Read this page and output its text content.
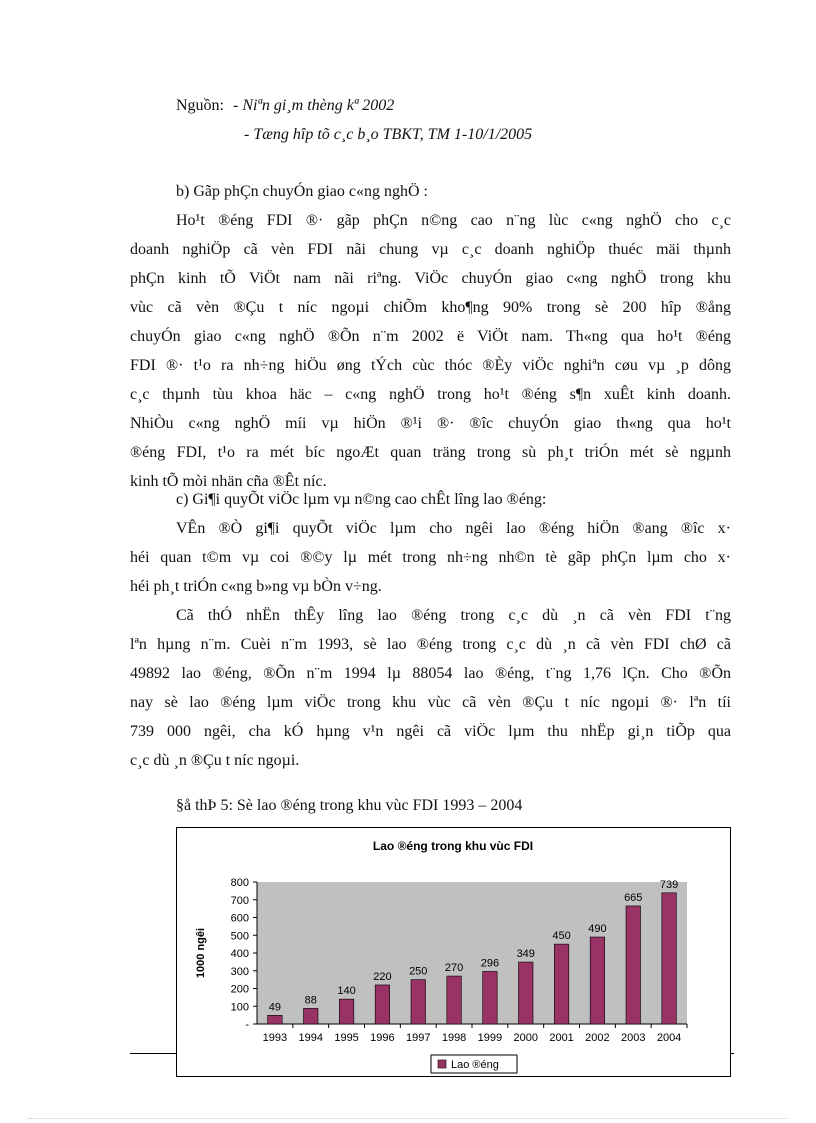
Nguồn: - Niªn gi¸m thèng kª 2002
- Tæng hîp tõ c¸c b¸o TBKT, TM 1-10/1/2005
b) Gãp phÇn chuyÓn giao c«ng nghÖ :
Ho¹t ®éng FDI ®· gãp phÇn n©ng cao n¨ng lùc c«ng nghÖ cho c¸c
doanh nghiÖp cã vèn FDI nãi chung vµ c¸c doanh nghiÖp thuéc mäi thµnh
phÇn kinh tÕ ViÖt nam nãi riªng. ViÖc chuyÓn giao c«ng nghÖ trong khu
vùc cã vèn ®Çu t níc ngoµi chiÕm kho¶ng 90% trong sè 200 hîp ®ång
chuyÓn giao c«ng nghÖ ®Õn n¨m 2002 ë ViÖt nam. Th«ng qua ho¹t ®éng
FDI ®· t¹o ra nh÷ng hiÖu øng tÝch cùc thóc ®Èy viÖc nghiªn cøu vµ ¸p dông
c¸c thµnh tùu khoa häc – c«ng nghÖ trong ho¹t ®éng s¶n xuÊt kinh doanh.
NhiÒu c«ng nghÖ míi vµ hiÖn ®¹i ®· ®îc chuyÓn giao th«ng qua ho¹t
®éng FDI, t¹o ra mét bíc ngoÆt quan träng trong sù ph¸t triÓn mét sè ngµnh
kinh tÕ mòi nhän cña ®Êt níc.
c) Gi¶i quyÕt viÖc lµm vµ n©ng cao chÊt lîng lao ®éng:
VÊn ®Ò gi¶i quyÕt viÖc lµm cho ngêi lao ®éng hiÖn ®ang ®îc x·
héi quan t©m vµ coi ®©y lµ mét trong nh÷ng nh©n tè gãp phÇn lµm cho x·
héi ph¸t triÓn c«ng b»ng vµ bÒn v÷ng.
Cã thÓ nhËn thÊy lîng lao ®éng trong c¸c dù ¸n cã vèn FDI t¨ng
lªn hµng n¨m. Cuèi n¨m 1993, sè lao ®éng trong c¸c dù ¸n cã vèn FDI chØ cã
49892 lao ®éng, ®Õn n¨m 1994 lµ 88054 lao ®éng, t¨ng 1,76 lÇn. Cho ®Õn
nay sè lao ®éng lµm viÖc trong khu vùc cã vèn ®Çu t níc ngoµi ®· lªn tíi
739 000 ngêi, cha kÓ hµng v¹n ngêi cã viÖc lµm thu nhËp gi¸n tiÕp qua
c¸c dù ¸n ®Çu t níc ngoµi.
§å thÞ 5: Sè lao ®éng trong khu vùc FDI 1993 – 2004
Lao ®éng trong khu vùc FDI
-
100
200
300
400
500
600
700
800
1000 ngêi
49
1993
88
1994
140
1995
220
1996
250
1997
270
1998
296
1999
349
2000
450
2001
490
2002
665
2003
739
2004
Lao ®éng
